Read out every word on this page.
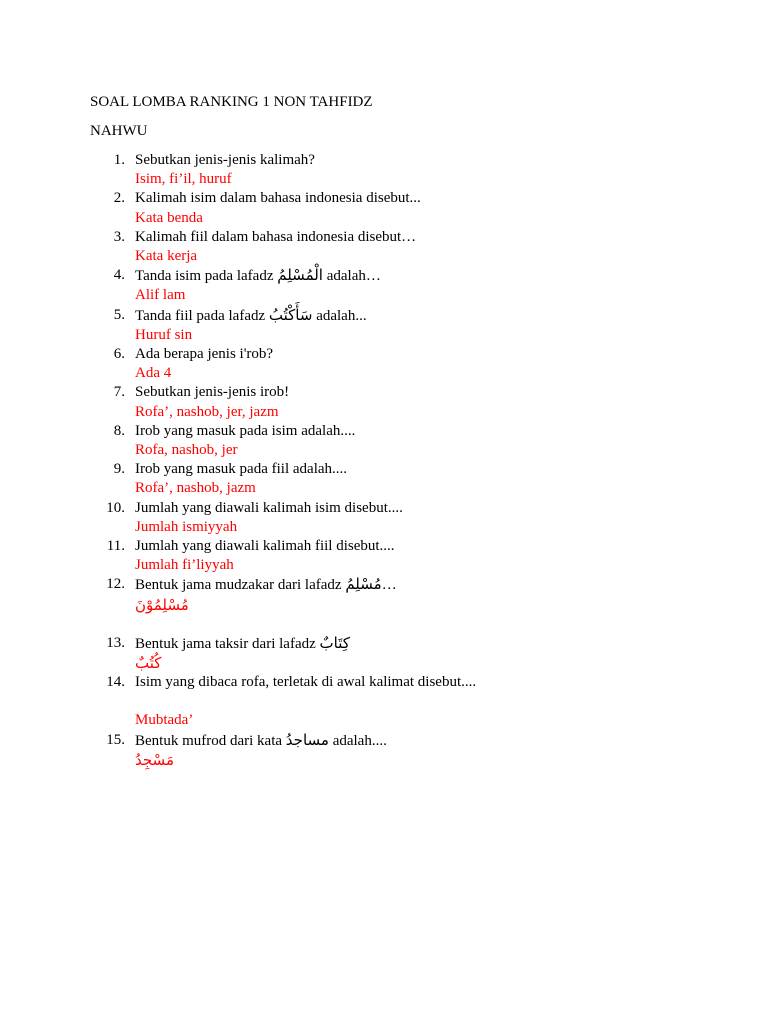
SOAL LOMBA RANKING 1 NON TAHFIDZ
NAHWU
1. Sebutkan jenis-jenis kalimah?
Isim, fi’il, huruf
2. Kalimah isim dalam bahasa indonesia disebut...
Kata benda
3. Kalimah fiil dalam bahasa indonesia disebut…
Kata kerja
4. Tanda isim pada lafadz الْمُسْلِمُ adalah…
Alif lam
5. Tanda fiil pada lafadz سَأَكْتُبُ adalah...
Huruf sin
6. Ada berapa jenis i'rob?
Ada 4
7. Sebutkan jenis-jenis irob!
Rofa’, nashob, jer, jazm
8. Irob yang masuk pada isim adalah....
Rofa, nashob, jer
9. Irob yang masuk pada fiil adalah....
Rofa’, nashob, jazm
10. Jumlah yang diawali kalimah isim disebut....
Jumlah ismiyyah
11. Jumlah yang diawali kalimah fiil disebut....
Jumlah fi’liyyah
12. Bentuk jama mudzakar dari lafadz مُسْلِمُ…
مُسْلِمُوْنَ
13. Bentuk jama taksir dari lafadz كِتَابٌ
كُتُبٌ
14. Isim yang dibaca rofa, terletak di awal kalimat disebut....
Mubtada’
15. Bentuk mufrod dari kata مساجدُ adalah....
مَسْجِدُ
